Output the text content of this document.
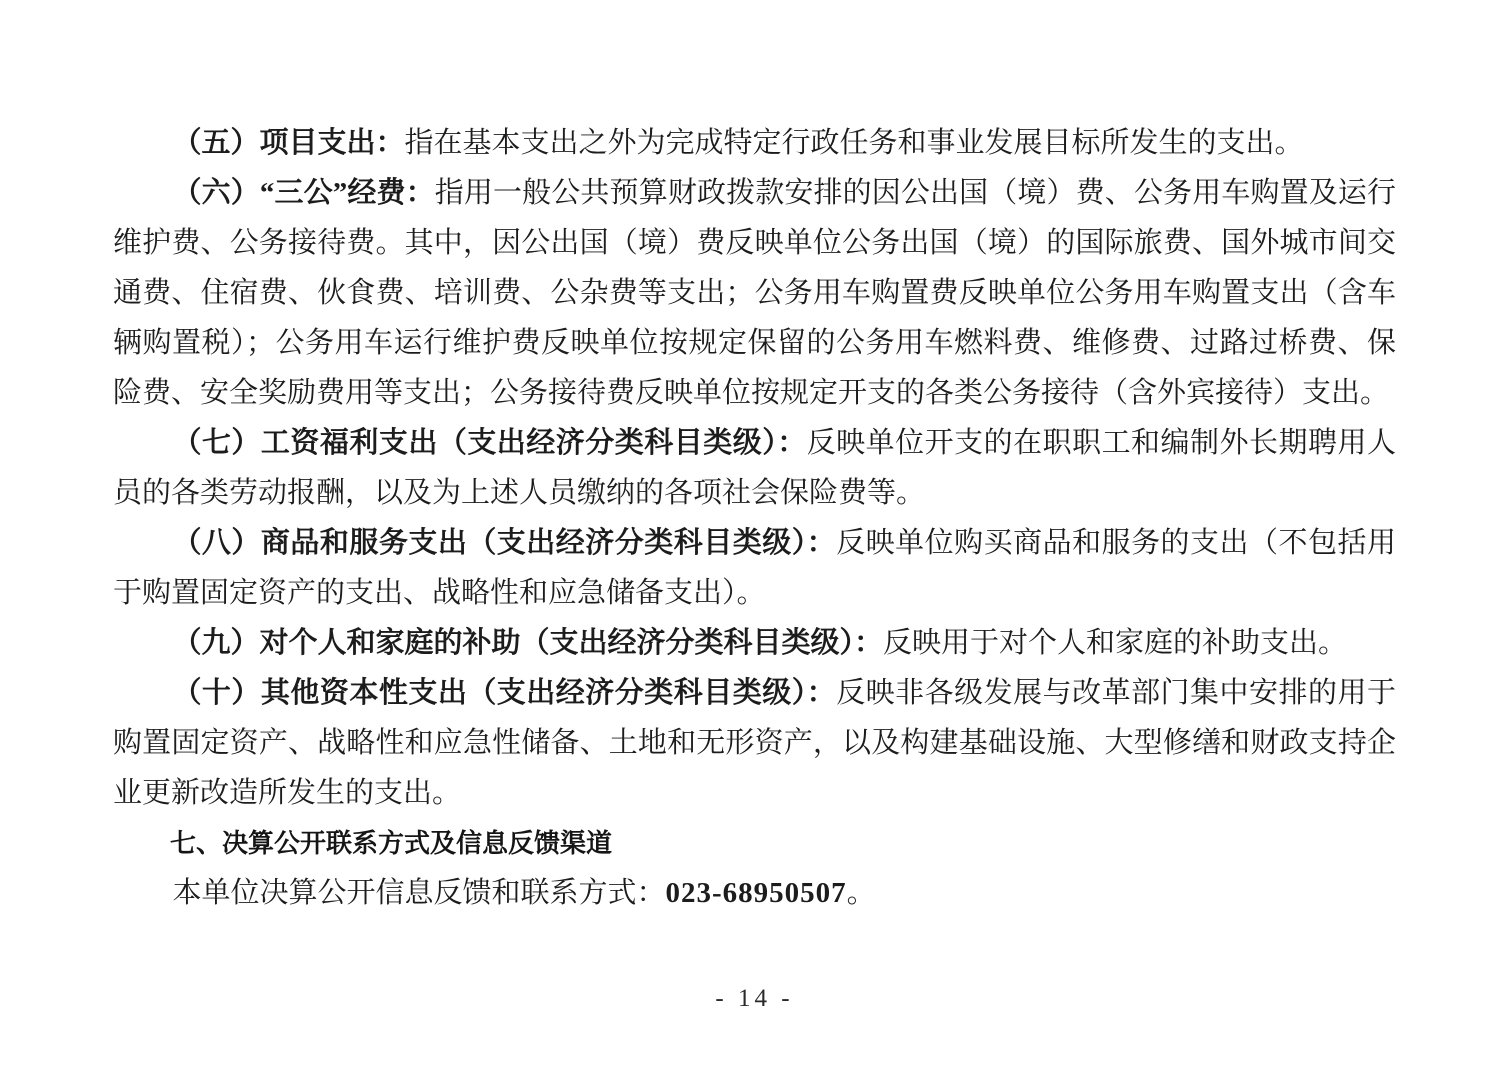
（五）项目支出：指在基本支出之外为完成特定行政任务和事业发展目标所发生的支出。

（六）“三公”经费：指用一般公共预算财政拨款安排的因公出国（境）费、公务用车购置及运行维护费、公务接待费。其中，因公出国（境）费反映单位公务出国（境）的国际旅费、国外城市间交通费、住宿费、伙食费、培训费、公杂费等支出；公务用车购置费反映单位公务用车购置支出（含车辆购置税）；公务用车运行维护费反映单位按规定保留的公务用车燃料费、维修费、过路过桥费、保险费、安全奖励费用等支出；公务接待费反映单位按规定开支的各类公务接待（含外宾接待）支出。

（七）工资福利支出（支出经济分类科目类级）：反映单位开支的在职职工和编制外长期聘用人员的各类劳动报酬，以及为上述人员缴纳的各项社会保险费等。

（八）商品和服务支出（支出经济分类科目类级）：反映单位购买商品和服务的支出（不包括用于购置固定资产的支出、战略性和应急储备支出）。

（九）对个人和家庭的补助（支出经济分类科目类级）：反映用于对个人和家庭的补助支出。

（十）其他资本性支出（支出经济分类科目类级）：反映非各级发展与改革部门集中安排的用于购置固定资产、战略性和应急性储备、土地和无形资产，以及构建基础设施、大型修缮和财政支持企业更新改造所发生的支出。

七、决算公开联系方式及信息反馈渠道

本单位决算公开信息反馈和联系方式：023-68950507。

- 14 -
